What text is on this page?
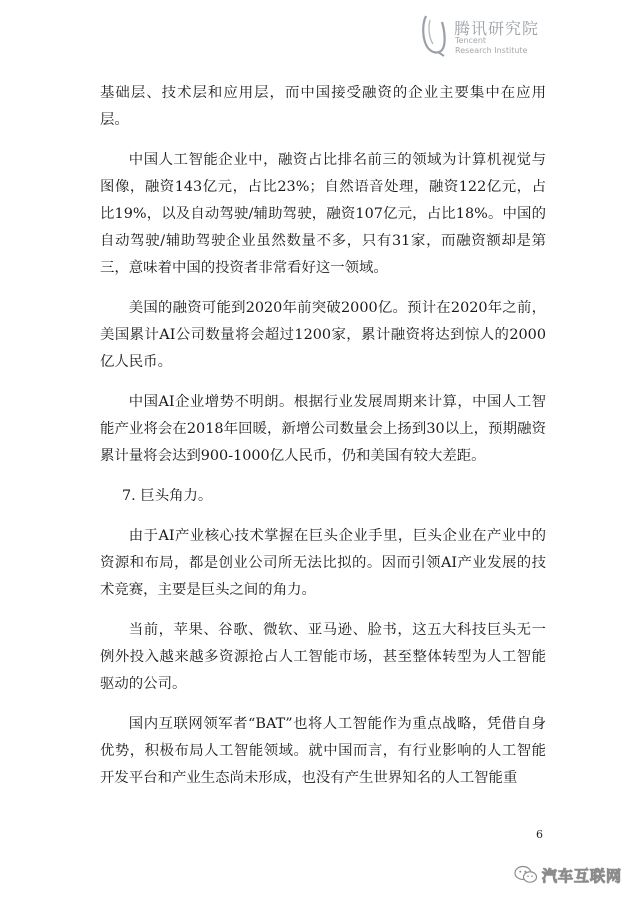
腾讯研究院
Tencent
Research Institute

基础层、技术层和应用层，而中国接受融资的企业主要集中在应用层。

中国人工智能企业中，融资占比排名前三的领域为计算机视觉与图像，融资143亿元，占比23%；自然语音处理，融资122亿元，占比19%，以及自动驾驶/辅助驾驶，融资107亿元，占比18%。中国的自动驾驶/辅助驾驶企业虽然数量不多，只有31家，而融资额却是第三，意味着中国的投资者非常看好这一领域。

美国的融资可能到2020年前突破2000亿。预计在2020年之前，美国累计AI公司数量将会超过1200家，累计融资将达到惊人的2000亿人民币。

中国AI企业增势不明朗。根据行业发展周期来计算，中国人工智能产业将会在2018年回暖，新增公司数量会上扬到30以上，预期融资累计量将会达到900-1000亿人民币，仍和美国有较大差距。

7. 巨头角力。

由于AI产业核心技术掌握在巨头企业手里，巨头企业在产业中的资源和布局，都是创业公司所无法比拟的。因而引领AI产业发展的技术竞赛，主要是巨头之间的角力。

当前，苹果、谷歌、微软、亚马逊、脸书，这五大科技巨头无一例外投入越来越多资源抢占人工智能市场，甚至整体转型为人工智能驱动的公司。

国内互联网领军者“BAT”也将人工智能作为重点战略，凭借自身优势，积极布局人工智能领域。就中国而言，有行业影响的人工智能开发平台和产业生态尚未形成，也没有产生世界知名的人工智能重

6
汽车互联网
